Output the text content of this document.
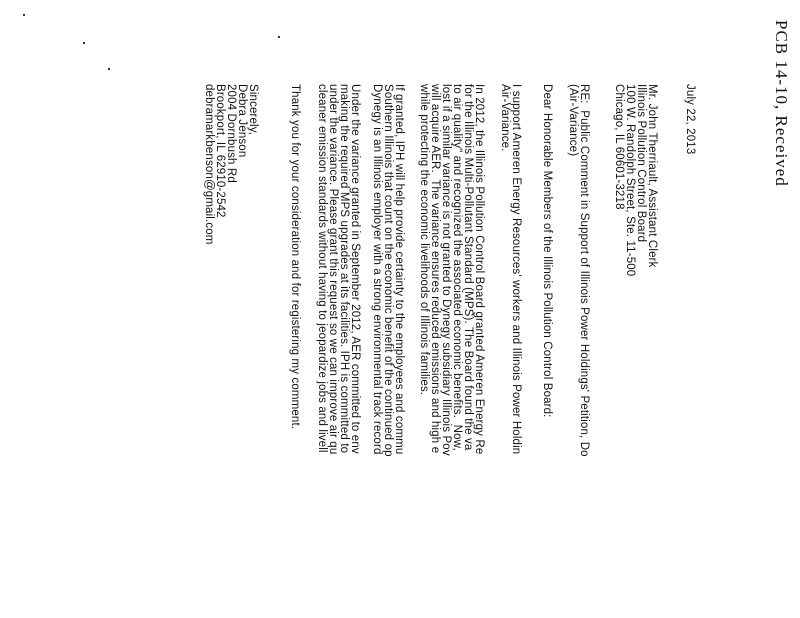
PCB 14-10, Received
July 22, 2013
Mr. John Therriault, Assistant Clerk
Illinois Pollution Control Board
100 W. Randolph Street, Ste. 11-500
Chicago, IL 60601-3218
RE:  Public Comment in Support of Illinois Power Holdings' Petition, Do
(Air-Variance)
Dear Honorable Members of the Illinois Pollution Control Board:
I support Ameren Energy Resources' workers and Illinois Power Holdin
Air-Variance.
In 2012, the Illinois Pollution Control Board granted Ameren Energy Re
for the Illinois Multi-Pollutant Standard (MPS). The Board found the va
to air quality" and recognized the associated economic benefits.  Now,
lost if a similar variance is not granted to Dynegy subsidiary Illinois Pov
will acquire AER.  The variance ensures reduced emissions and high e
while protecting the economic livelihoods of Illinois families.
If granted, IPH will help provide certainty to the employees and commu
Southern Illinois that count on the economic benefit of the continued op
Dynegy is an Illinois employer with a strong environmental track record
Under the variance granted in September 2012, AER committed to env
making the required MPS upgrades at its facilities. IPH is committed to
under the variance. Please grant this request so we can improve air qu
cleaner emission standards without having to jeopardize jobs and livell
Thank you for your consideration and for registering my comment.
Sincerely,
Debra Jenson
2004 Dornbush Rd
Brookport, IL 62910-2542
debramarkbenson@gmail.com
